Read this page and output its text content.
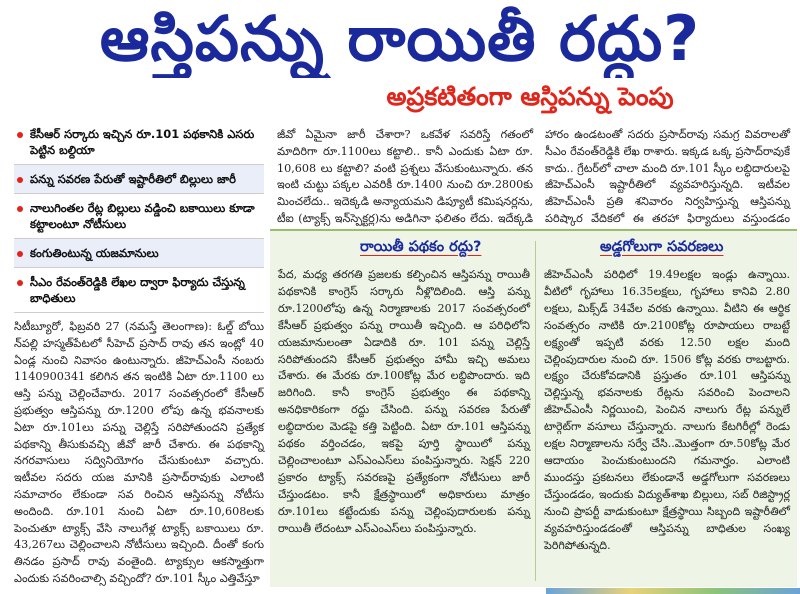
ఆస్తిపన్ను రాయితీ రద్దు?
అప్రకటితంగా ఆస్తిపన్ను పెంపు
కేసీఆర్ సర్కారు ఇచ్చిన రూ.101 పథకానికి ఎసరు పెట్టిన బల్దియా
పన్ను సవరణ పేరుతో ఇష్టారీతిలో బిల్లులు జారీ
నాలుగింతల రేట్ల బిల్లులు వడ్డించి బకాయిలు కూడా కట్టాలంటూ నోటీసులు
కంగుతింటున్న యజమానులు
సీఎం రేవంత్‌రెడ్డికి లేఖల ద్వారా ఫిర్యాదు చేస్తున్న బాధితులు

సిటీబ్యూరో, ఫిబ్రవరి 27 (నమస్తే తెలంగాణ): ఓల్డ్ బోయి న్‌పల్లి హస్మత్‌పేటలో సీహెచ్ ప్రసాద్ రావు తన ఇంట్లో 40 ఏండ్ల నుంచి నివాసం ఉంటున్నారు. జీహెచ్ఎంసీ నంబరు 1140900341 కలిగిన తన ఇంటికి ఏటా రూ.1100 లు ఆస్తి పన్ను చెల్లించేవారు. 2017 సంవత్సరంలో కేసీఆర్ ప్రభుత్వం ఆస్తిపన్ను రూ.1200 లోపు ఉన్న భవనాలకు ఏటా రూ.101లు పన్ను చెల్లిస్తే సరిపోతుందని ప్రత్యేక పథకాన్ని తీసుకువచ్చి జీవో జారీ చేశారు. ఈ పథకాన్ని నగరవాసులు సద్వినియోగం చేసుకుంటూ వచ్చారు. ఇటీవల సదరు యజ మానికి ప్రసాద్‌రావుకు ఎలాంటి సమాచారం లేకుండా సవ రించిన ఆస్తిపన్ను నోటీసు అందింది. రూ.101 నుంచి ఏటా రూ.10,608లకు పెంచుతూ ట్యాక్స్ వేసి నాలుగేళ్ల ట్యాక్స్ బకాయిలు రూ. 43,267లు చెల్లించాలని నోటీసులు ఇచ్చింది. దీంతో కంగు తినడం ప్రసాద్ రావు వంతైంది. ట్యాక్సుల ఆకస్మాత్తుగా ఎందుకు సవరించాల్సి వచ్చిందో? రూ.101 స్కీం ఎత్తివేస్తూ

జీవో ఏమైనా జారీ చేశారా? ఒకవేళ సవరిస్తే గతంలో మాదిరిగా రూ.1100లు కట్టాలి.. కానీ ఎందుకు ఏటా రూ. 10,608 లు కట్టాలి? వంటి ప్రశ్నలు వేసుకుంటున్నారు. తన ఇంటి చుట్టు పక్కల ఎవరికీ రూ.1400 నుంచి రూ.2800కు మించలేదు.. ఇదెక్కడి అన్యాయమని డిప్యూటీ కమిషనర్లను, టీఐ (ట్యాక్స్ ఇన్‌స్పెక్టర్ల)ను అడిగినా ఫలితం లేదు. ఇదేక్కడి

హారం ఉండటంతో సదరు ప్రసాద్‌రావు సమగ్ర వివరాలతో సీఎం రేవంత్‌రెడ్డికి లేఖ రాశారు. ఇక్కడ ఒక్క ప్రసాద్‌రావుకే కాదు.. గ్రేటర్‌లో చాలా మంది రూ.101 స్కీం లబ్ధిదారులపై జీహెచ్ఎంసీ ఇష్టారీతిలో వ్యవహరిస్తున్నది. ఇటీవల జీహెచ్ఎంసీ ప్రతి శనివారం నిర్వహిస్తున్న ఆస్తిపన్ను పరిష్కార వేదికలో ఈ తరహా ఫిర్యాదులు వస్తుండడం

రాయితీ పథకం రద్దు?	అడ్డగోలుగా సవరణలు

పేద, మధ్య తరగతి ప్రజలకు కల్పించిన ఆస్తిపన్ను రాయితీ పథకానికి కాంగ్రెస్ సర్కారు నీళ్లొదిలింది. ఆస్తి పన్ను రూ.1200లోపు ఉన్న నిర్మాణాలకు 2017 సంవత్సరంలో కేసీఆర్ ప్రభుత్వం పన్ను రాయితీ ఇచ్చింది. ఆ పరిధిలోని యజమానులంతా ఏడాదికి రూ. 101 పన్ను చెల్లిస్తే సరిపోతుందని కేసీఆర్ ప్రభుత్వం హామీ ఇచ్చి అమలు చేశారు. ఈ మేరకు రూ.100కోట్ల మేర లబ్ధిపొందారు. ఇది జరిగింది. కానీ కాంగ్రెస్ ప్రభుత్వం ఈ పథకాన్ని అనధికారికంగా రద్దు చేసింది. పన్ను సవరణ పేరుతో లబ్ధిదారుల మెడపై కత్తి పెట్టింది. ఏటా రూ.101 ఆస్తిపన్ను పథకం వర్తించడం, ఇకపై పూర్తి స్థాయిలో పన్ను చెల్లించాలంటూ ఎస్ఎంఎస్‌లు పంపిస్తున్నారు. సెక్షన్ 220 ప్రకారం ట్యాక్స్ సవరణపై ప్రత్యేకంగా నోటీసులు జారీ చేస్తుండటం. కానీ క్షేత్రస్థాయిలో అధికారులు మాత్రం రూ.101లు కట్టేందుకు పన్ను చెల్లింపుదారులకు పన్ను రాయితీ లేదంటూ ఎస్ఎంఎస్‌లు పంపిస్తున్నారు.

జీహెచ్ఎంసీ పరిధిలో 19.49లక్షల ఇండ్లు ఉన్నాయి. వీటిలో గృహాలు 16.35లక్షలు, గృహాలు కానివి 2.80 లక్షలు, మిక్స్‌డ్ 34వేల వరకు ఉన్నాయి. వీటిని ఈ ఆర్థిక సంవత్సరం నాటికి రూ.2100కోట్ల రూపాయలు రాబట్టే లక్ష్యంతో ఇప్పటి వరకు 12.50 లక్షల మంది చెల్లింపుదారుల నుంచి రూ. 1506 కోట్ల వరకు రాబట్టారు. లక్ష్యం చేరుకోవడానికి ప్రస్తుతం రూ.101 ఆస్తిపన్ను చెల్లిస్తున్న భవనాలకు రేట్లను సవరించి పెంచాలని జీహెచ్ఎంసీ నిర్ణయించి, పెంచిన నాలుగు రేట్ల పన్నులే టార్గెట్‌గా వసూలు చేస్తున్నారు. నాలుగు కేటగిరీల్లో రెండు లక్షల నిర్మాణాలను సర్వే చేసి..మొత్తంగా రూ.50కోట్ల మేర ఆదాయం పెంచుకుంటుందని గమనార్హం. ఎలాంటి ముందస్తు ప్రకటనలు లేకుండానే అడ్డగోలుగా సవరణలు చేస్తుండడం, ఇందుకు విద్యుత్‌శాఖ బిల్లులు, సబ్ రిజిస్ట్రార్ల నుంచి ప్రాపర్టీ వాడుకుంటూ క్షేత్రస్థాయి సిబ్బంది ఇష్టారీతిలో వ్యవహరిస్తుండడంతో ఆస్తిపన్ను బాధితుల సంఖ్య పెరిగిపోతున్నది.
